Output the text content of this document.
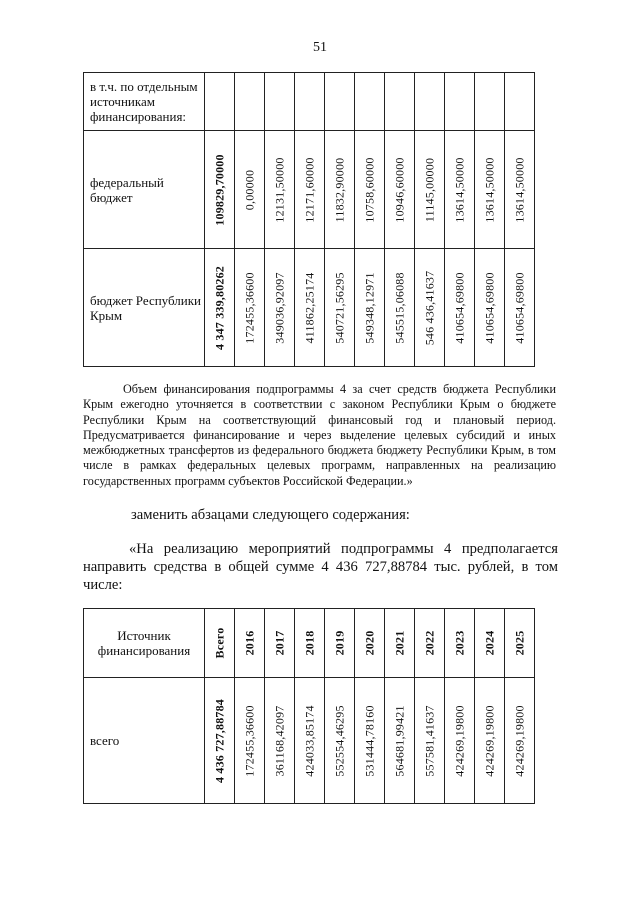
51
в т.ч. по отдельным источникам финансирования:											
федеральный бюджет	109829,70000	0,00000	12131,50000	12171,60000	11832,90000	10758,60000	10946,60000	11145,00000	13614,50000	13614,50000	13614,50000

бюджет Республики Крым	4 347 339,80262	172455,36600	349036,92097	411862,25174	540721,56295	549348,12971	545515,06088	546 436,41637	410654,69800	410654,69800	410654,69800
Объем финансирования подпрограммы 4 за счет средств бюджета Республики Крым ежегодно уточняется в соответствии с законом Республики Крым о бюджете Республики Крым на соответствующий финансовый год и плановый период. Предусматривается финансирование и через выделение целевых субсидий и иных межбюджетных трансфертов из федерального бюджета бюджету Республики Крым, в том числе в рамках федеральных целевых программ, направленных на реализацию государственных программ субъектов Российской Федерации.»
заменить абзацами следующего содержания:
«На реализацию мероприятий подпрограммы 4 предполагается направить средства в общей сумме 4 436 727,88784 тыс. рублей, в том числе:
Источник финансирования	Всего	2016	2017	2018	2019	2020	2021	2022	2023	2024	2025

всего	4 436 727,88784	172455,36600	361168,42097	424033,85174	552554,46295	531444,78160	564681,99421	557581,41637	424269,19800	424269,19800	424269,19800
